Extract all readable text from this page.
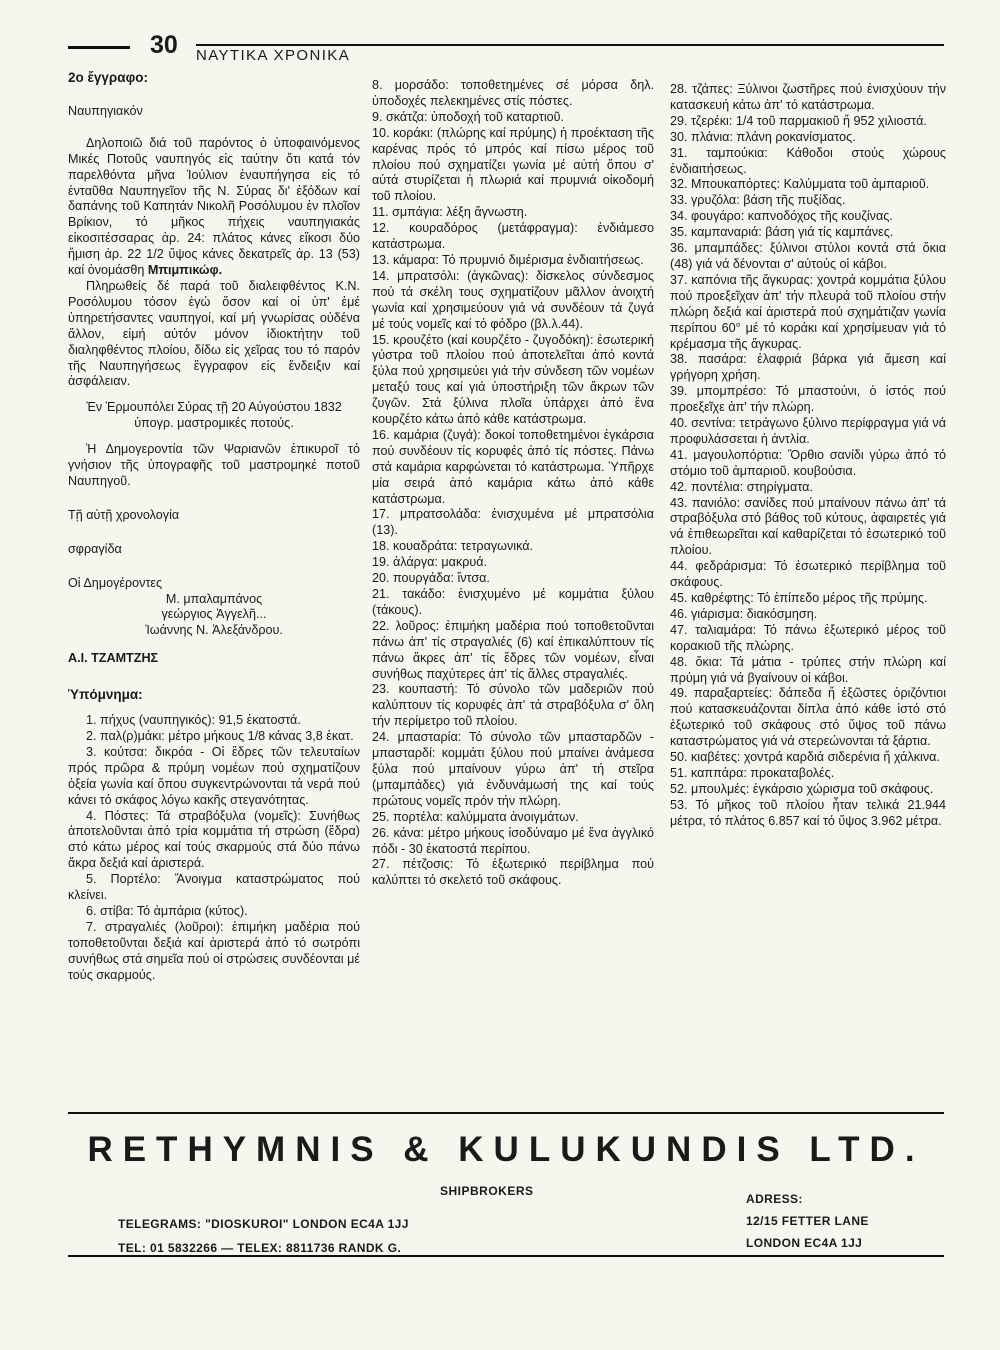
30 ΝΑΥΤΙΚΑ ΧΡΟΝΙΚΑ

2ο ἔγγραφο:

Ναυπηγιακόν

Δηλοποιῶ διά τοῦ παρόντος ὁ ὑποφαινόμενος Μικές Ποτοῦς ναυπηγός εἰς ταύτην ὅτι κατά τόν παρελθόντα μῆνα Ἰούλιον ἐναυπήγησα εἰς τό ἐνταῦθα Ναυπηγεῖον τῆς Ν. Σύρας δι' ἐξόδων καί δαπάνης τοῦ Καπητάν Νικολῆ Ροσόλυμου ἐν πλοῖον Βρίκιον, τό μῆκος πήχεις ναυπηγιακάς εἰκοσιτέσσαρας ἀρ. 24: πλάτος κάνες εἴκοσι δύο ἥμιση ἀρ. 22 1/2 ὕψος κάνες δεκατρεῖς ἀρ. 13 (53) καί ὀνομάσθη Μπιμπικώφ.

Πληρωθείς δέ παρά τοῦ διαλειφθέντος Κ.Ν. Ροσόλυμου τόσον ἐγώ ὅσον καί οἱ ὑπ' ἐμέ ὑπηρετήσαντες ναυπηγοί, καί μή γνωρίσας οὐδένα ἄλλον, εἰμή αὐτόν μόνον ἰδιοκτήτην τοῦ διαληφθέντος πλοίου, δίδω εἰς χεῖρας του τό παρόν τῆς Ναυπηγήσεως ἔγγραφον εἰς ἔνδειξιν καί ἀσφάλειαν.

Ἐν Ἑρμουπόλει Σύρας τῇ 20 Αὐγούστου 1832

ὑπογρ. μαστρομικές ποτούς.

Ἡ Δημογεροντία τῶν Ψαριανῶν ἐπικυροῖ τό γνήσιον τῆς ὑπογραφῆς τοῦ μαστρομηκέ ποτοῦ Ναυπηγοῦ.

Τῇ αὐτῇ χρονολογία

σφραγίδα

Οἱ Δημογέροντες

Μ. μπαλαμπάνος

γεώργιος Ἀγγελῆ...

Ἰωάννης Ν. Ἀλεξάνδρου.

Α.Ι. ΤΖΑΜΤΖΗΣ

Ὑπόμνημα:

1. πήχυς (ναυπηγικός): 91,5 ἑκατοστά.

2. παλ(ρ)μάκι: μέτρο μήκους 1/8 κάνας 3,8 ἑκατ.

3. κούτσα: δικρόα - Οἱ ἕδρες τῶν τελευταίων πρός πρῶρα & πρύμη νομέων πού σχηματίζουν ὀξεία γωνία καί ὅπου συγκεντρώνονται τά νερά πού κάνει τό σκάφος λόγω κακῆς στεγανότητας.

4. Πόστες: Τά στραβόξυλα (νομεῖς): Συνήθως ἀποτελοῦνται ἀπό τρία κομμάτια τή στρώση (ἕδρα) στό κάτω μέρος καί τούς σκαρμούς στά δύο πάνω ἄκρα δεξιά καί ἀριστερά.

5. Πορτέλο: Ἄνοιγμα καταστρώματος πού κλείνει.

6. στίβα: Τό ἀμπάρια (κύτος).

7. στραγαλιές (λοῦροι): ἐπιμήκη μαδέρια πού τοποθετοῦνται δεξιά καί ἀριστερά ἀπό τό σωτρόπι συνήθως στά σημεῖα πού οἱ στρώσεις συνδέονται μέ τούς σκαρμούς.

8. μορσάδο: τοποθετημένες σέ μόρσα δηλ. ὑποδοχές πελεκημένες στίς πόστες.

9. σκάτζα: ὑποδοχή τοῦ καταρτιοῦ.

10. κοράκι: (πλώρης καί πρύμης) ἡ προέκταση τῆς καρένας πρός τό μπρός καί πίσω μέρος τοῦ πλοίου πού σχηματίζει γωνία μέ αὐτή ὅπου σ' αὐτά στυρίζεται ἡ πλωριά καί πρυμνιά οἰκοδομή τοῦ πλοίου.

11. σμπάγια: λέξη ἄγνωστη.

12. κουραδόρος (μετάφραγμα): ἐνδιάμεσο κατάστρωμα.

13. κάμαρα: Τό πρυμνιό διμέρισμα ἐνδιαιτήσεως.

14. μπρατσόλι: (ἀγκῶνας): δίσκελος σύνδεσμος πού τά σκέλη τους σχηματίζουν μᾶλλον ἀνοιχτή γωνία καί χρησιμεύουν γιά νά συνδέουν τά ζυγά μέ τούς νομεῖς καί τό φόδρο (βλ.λ.44).

15. κρουζέτο (καί κουρζέτο - ζυγοδόκη): ἐσωτερική γύστρα τοῦ πλοίου πού ἀποτελεῖται ἀπό κοντά ξύλα πού χρησιμεύει γιά τήν σύνδεση τῶν νομέων μεταξύ τους καί γιά ὑποστήριξη τῶν ἄκρων τῶν ζυγῶν. Στά ξύλινα πλοῖα ὑπάρχει ἀπό ἕνα κουρζέτο κάτω ἀπό κάθε κατάστρωμα.

16. καμάρια (ζυγά): δοκοί τοποθετημένοι ἐγκάρσια πού συνδέουν τίς κορυφές ἀπό τίς πόστες. Πάνω στά καμάρια καρφώνεται τό κατάστρωμα. Ὑπῆρχε μία σειρά ἀπό καμάρια κάτω ἀπό κάθε κατάστρωμα.

17. μπρατσολάδα: ἐνισχυμένα μέ μπρατσόλια (13).

18. κουαδράτα: τετραγωνικά.

19. ἀλάργα: μακρυά.

20. πουργάδα: ἴντσα.

21. τακάδο: ἐνισχυμένο μέ κομμάτια ξύλου (τάκους).

22. λοῦρος: ἐπιμήκη μαδέρια πού τοποθετοῦνται πάνω ἀπ' τίς στραγαλιές (6) καί ἐπικαλύπτουν τίς πάνω ἄκρες ἀπ' τίς ἕδρες τῶν νομέων, εἶναι συνήθως παχύτερες ἀπ' τίς ἄλλες στραγαλιές.

23. κουπαστή: Τό σύνολο τῶν μαδεριῶν πού καλύπτουν τίς κορυφές ἀπ' τά στραβόξυλα σ' ὅλη τήν περίμετρο τοῦ πλοίου.

24. μπασταρία: Τό σύνολο τῶν μπασταρδῶν - μπασταρδί: κομμάτι ξύλου πού μπαίνει ἀνάμεσα ξύλα πού μπαίνουν γύρω ἀπ' τή στεῖρα (μπαμπάδες) γιά ἐνδυνάμωσή της καί τούς πρώτους νομεῖς πρόν τήν πλώρη.

25. πορτέλα: καλύμματα ἀνοιγμάτων.

26. κάνα: μέτρο μήκους ἰσοδύναμο μέ ἕνα ἀγγλικό πόδι - 30 ἑκατοστά περίπου.

27. πέτζοσις: Τό ἐξωτερικό περίβλημα πού καλύπτει τό σκελετό τοῦ σκάφους.

28. τζάπες: Ξύλινοι ζωστῆρες πού ἐνισχύουν τήν κατασκευή κάτω ἀπ' τό κατάστρωμα.

29. τζερέκι: 1/4 τοῦ παρμακιοῦ ἤ 952 χιλιοστά.

30. πλάνια: πλάνη ροκανίσματος.

31. ταμπούκια: Κάθοδοι στούς χώρους ἐνδιαιτήσεως.

32. Μπουκαπόρτες: Καλύμματα τοῦ ἀμπαριοῦ.

33. γρυζόλα: βάση τῆς πυξίδας.

34. φουγάρο: καπνοδόχος τῆς κουζίνας.

35. καμπαναριά: βάση γιά τίς καμπάνες.

36. μπαμπάδες: ξύλινοι στύλοι κοντά στά ὄκια (48) γιά νά δένονται σ' αὐτούς οἱ κάβοι.

37. καπόνια τῆς ἄγκυρας: χοντρά κομμάτια ξύλου πού προεξεῖχαν ἀπ' τήν πλευρά τοῦ πλοίου στήν πλώρη δεξιά καί ἀριστερά πού σχημάτιζαν γωνία περίπου 60° μέ τό κοράκι καί χρησίμευαν γιά τό κρέμασμα τῆς ἄγκυρας.

38. πασάρα: ἐλαφριά βάρκα γιά ἄμεση καί γρήγορη χρήση.

39. μπομπρέσο: Τό μπαστούνι, ὁ ἱστός πού προεξεῖχε ἀπ' τήν πλώρη.

40. σεντίνα: τετράγωνο ξύλινο περίφραγμα γιά νά προφυλάσσεται ἡ ἀντλία.

41. μαγουλοπόρτια: Ὄρθιο σανίδι γύρω ἀπό τό στόμιο τοῦ ἀμπαριοῦ. κουβούσια.

42. ποντέλια: στηρίγματα.

43. πανιόλο: σανίδες πού μπαίνουν πάνω ἀπ' τά στραβόξυλα στό βάθος τοῦ κύτους, ἀφαιρετές γιά νά ἐπιθεωρεῖται καί καθαρίζεται τό ἐσωτερικό τοῦ πλοίου.

44. φεδράρισμα: Τό ἐσωτερικό περίβλημα τοῦ σκάφους.

45. καθρέφτης: Τό ἐπίπεδο μέρος τῆς πρύμης.

46. γιάρισμα: διακόσμηση.

47. ταλιαμάρα: Τό πάνω ἐξωτερικό μέρος τοῦ κορακιοῦ τῆς πλώρης.

48. ὄκια: Τά μάτια - τρύπες στήν πλώρη καί πρύμη γιά νά βγαίνουν οἱ κάβοι.

49. παραξαρτείες: δάπεδα ἤ ἐξῶστες ὁριζόντιοι πού κατασκευάζονται δίπλα ἀπό κάθε ἱστό στό ἐξωτερικό τοῦ σκάφους στό ὕψος τοῦ πάνω καταστρώματος γιά νά στερεώνονται τά ξάρτια.

50. κιαβέτες: χοντρά καρδιά σιδερένια ἤ χάλκινα.

51. καππάρα: προκαταβολές.

52. μπουλμές: ἐγκάρσιο χώρισμα τοῦ σκάφους.

53. Τό μῆκος τοῦ πλοίου ἦταν τελικά 21.944 μέτρα, τό πλάτος 6.857 καί τό ὕψος 3.962 μέτρα.

RETHYMNIS & KULUKUNDIS LTD.
SHIPBROKERS
TELEGRAMS: "DIOSKUROI" LONDON EC4A 1JJ
TEL: 01 5832266 — TELEX: 8811736 RANDK G.
ADRESS:
12/15 FETTER LANE
LONDON EC4A 1JJ
